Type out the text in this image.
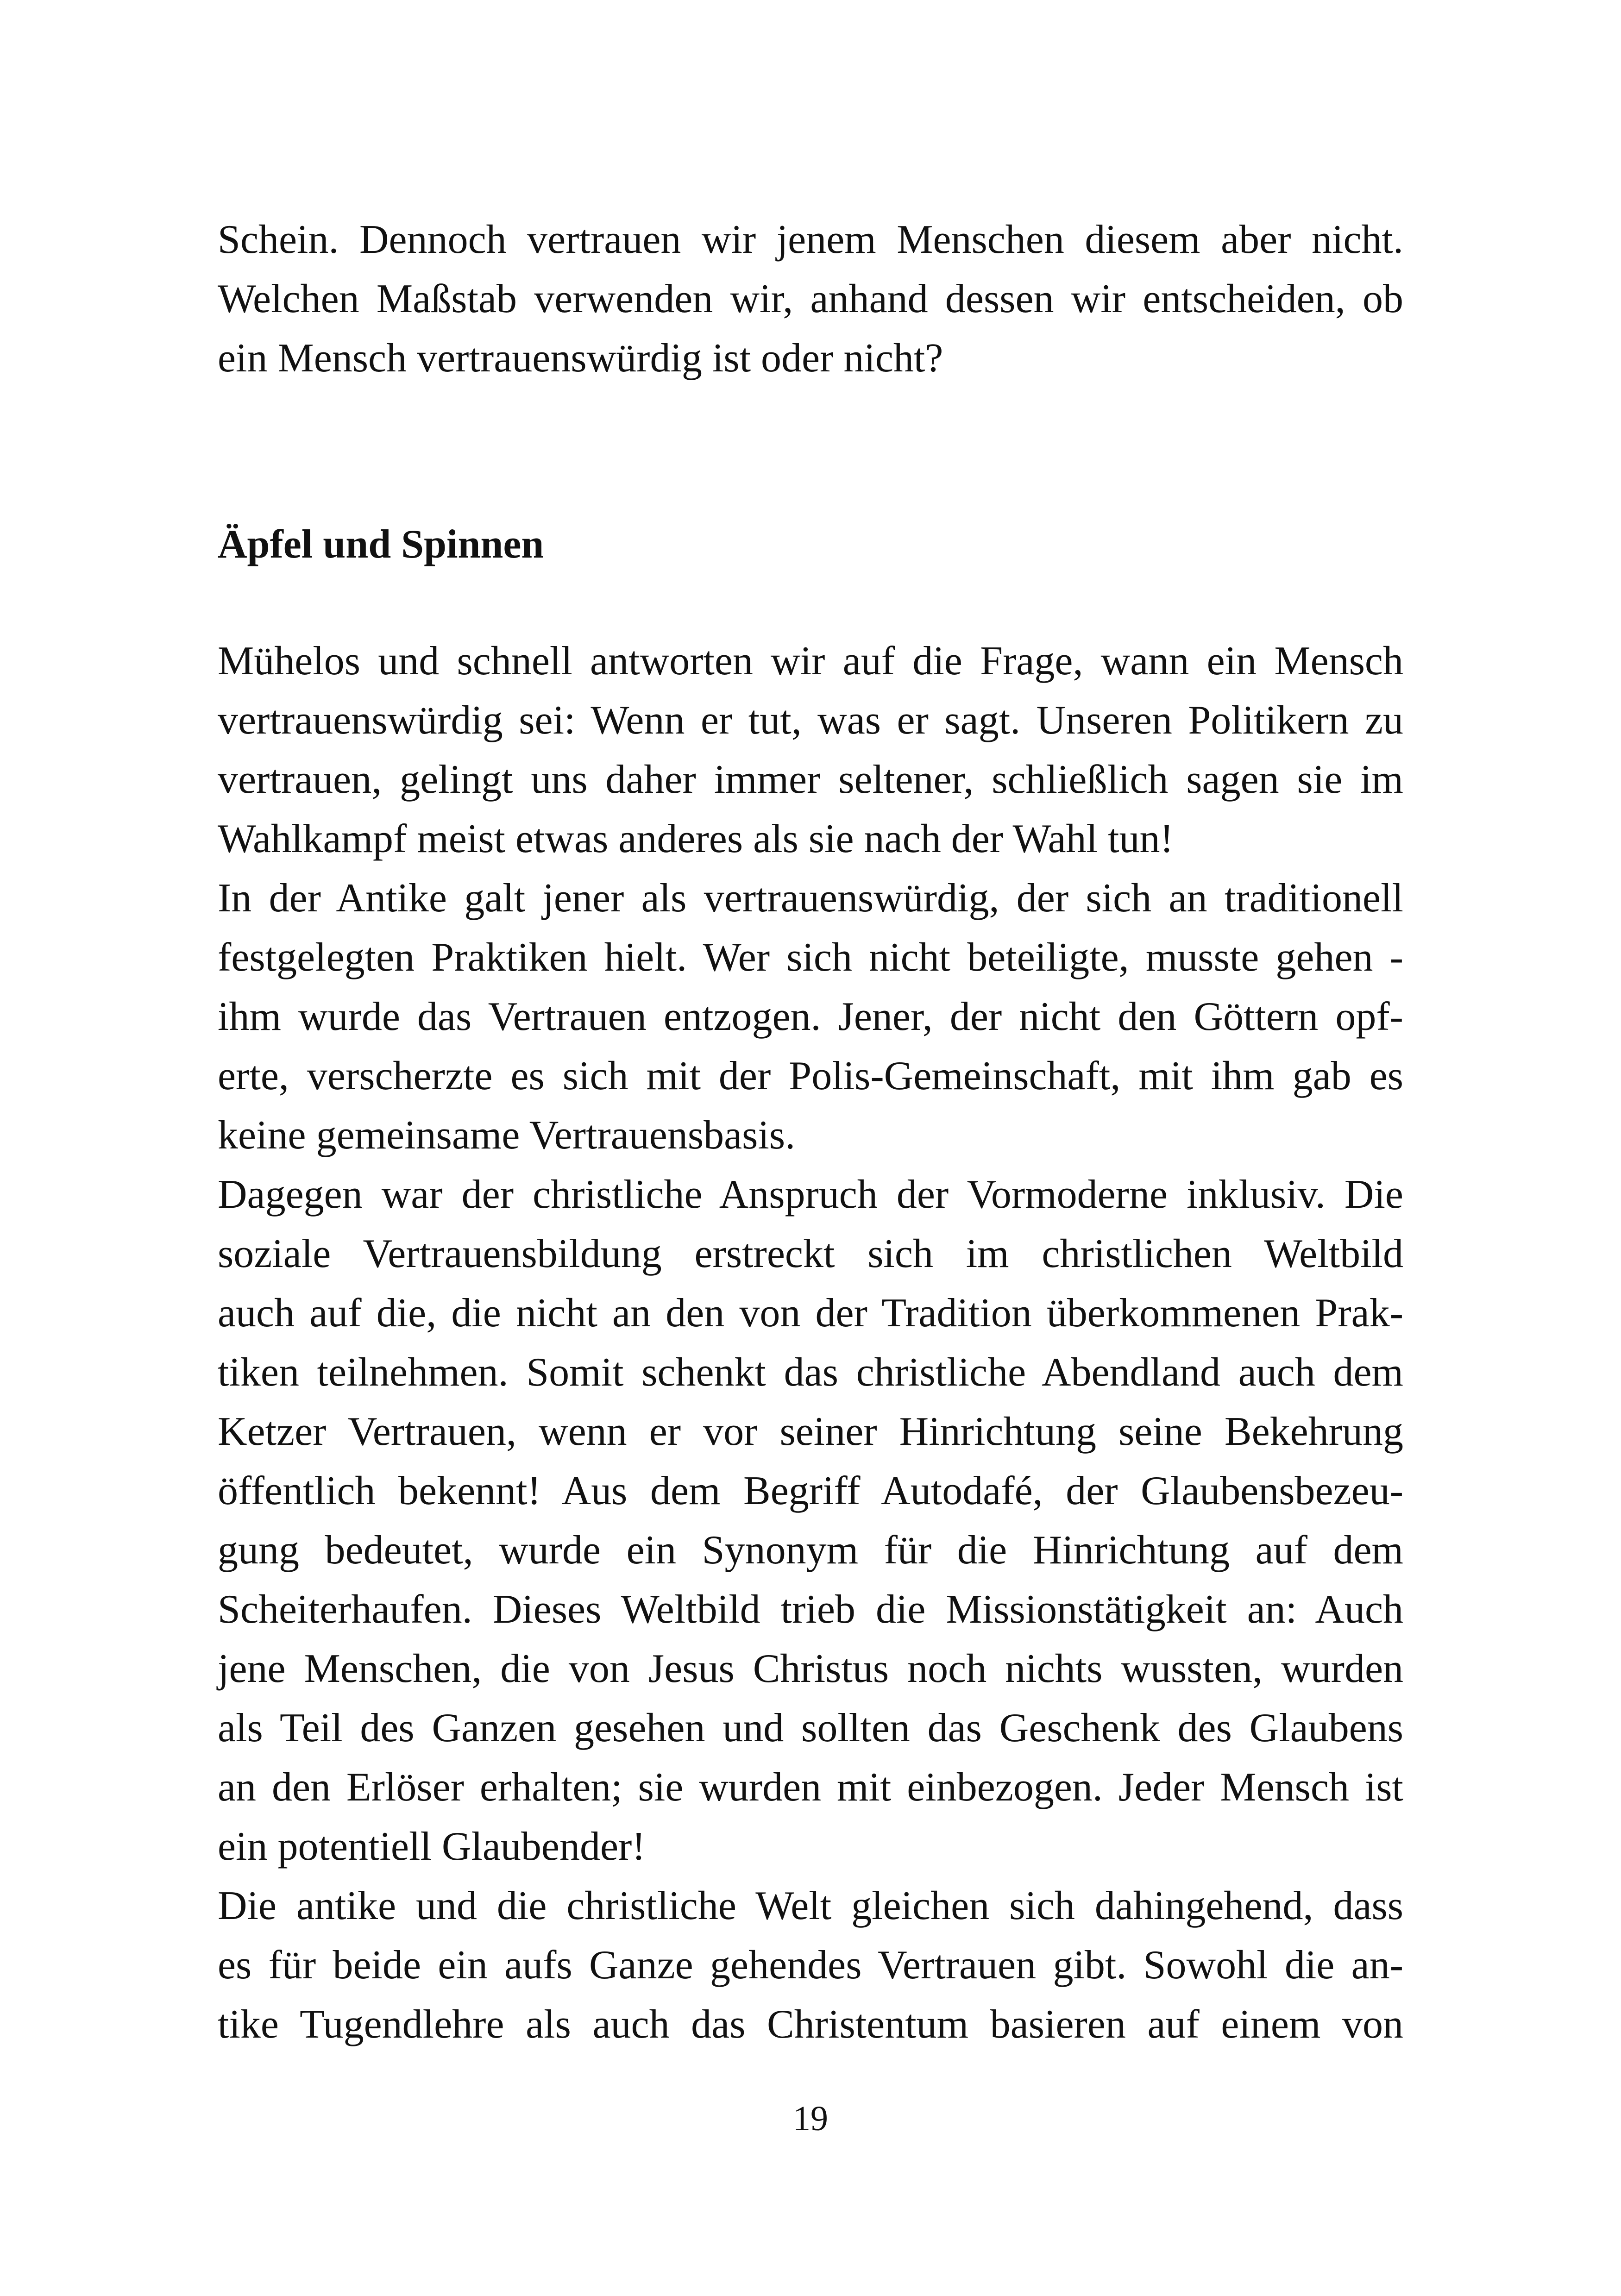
Schein. Dennoch vertrauen wir jenem Menschen diesem aber nicht.
Welchen Maßstab verwenden wir, anhand dessen wir entscheiden, ob
ein Mensch vertrauenswürdig ist oder nicht?
Äpfel und Spinnen
Mühelos und schnell antworten wir auf die Frage, wann ein Mensch
vertrauenswürdig sei: Wenn er tut, was er sagt. Unseren Politikern zu
vertrauen, gelingt uns daher immer seltener, schließlich sagen sie im
Wahlkampf meist etwas anderes als sie nach der Wahl tun!
In der Antike galt jener als vertrauenswürdig, der sich an traditionell
festgelegten Praktiken hielt. Wer sich nicht beteiligte, musste gehen -
ihm wurde das Vertrauen entzogen. Jener, der nicht den Göttern opf-
erte, verscherzte es sich mit der Polis-Gemeinschaft, mit ihm gab es
keine gemeinsame Vertrauensbasis.
Dagegen war der christliche Anspruch der Vormoderne inklusiv. Die
soziale Vertrauensbildung erstreckt sich im christlichen Weltbild
auch auf die, die nicht an den von der Tradition überkommenen Prak-
tiken teilnehmen. Somit schenkt das christliche Abendland auch dem
Ketzer Vertrauen, wenn er vor seiner Hinrichtung seine Bekehrung
öffentlich bekennt! Aus dem Begriff Autodafé, der Glaubensbezeu-
gung bedeutet, wurde ein Synonym für die Hinrichtung auf dem
Scheiterhaufen. Dieses Weltbild trieb die Missionstätigkeit an: Auch
jene Menschen, die von Jesus Christus noch nichts wussten, wurden
als Teil des Ganzen gesehen und sollten das Geschenk des Glaubens
an den Erlöser erhalten; sie wurden mit einbezogen. Jeder Mensch ist
ein potentiell Glaubender!
Die antike und die christliche Welt gleichen sich dahingehend, dass
es für beide ein aufs Ganze gehendes Vertrauen gibt. Sowohl die an-
tike Tugendlehre als auch das Christentum basieren auf einem von
19
